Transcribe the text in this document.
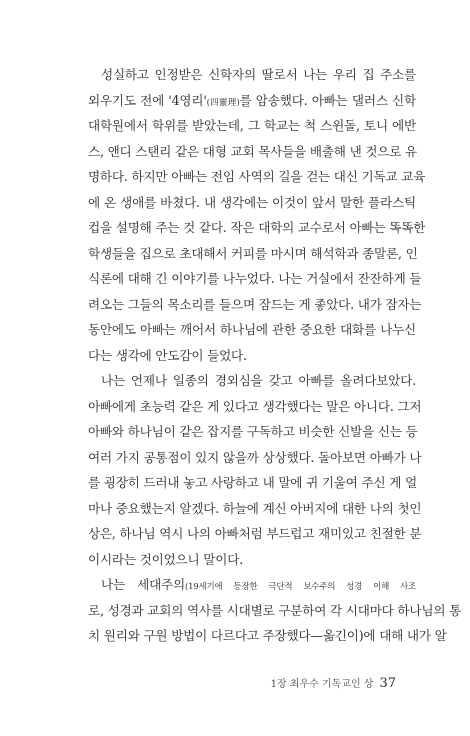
성실하고 인정받은 신학자의 딸로서 나는 우리 집 주소를
외우기도 전에 '4영리'(四靈理)를 암송했다. 아빠는 댈러스 신학
대학원에서 학위를 받았는데, 그 학교는 척 스윈돌, 토니 에반
스, 앤디 스탠리 같은 대형 교회 목사들을 배출해 낸 것으로 유
명하다. 하지만 아빠는 전임 사역의 길을 걷는 대신 기독교 교육
에 온 생애를 바쳤다. 내 생각에는 이것이 앞서 말한 플라스틱
컵을 설명해 주는 것 같다. 작은 대학의 교수로서 아빠는 똑똑한
학생들을 집으로 초대해서 커피를 마시며 해석학과 종말론, 인
식론에 대해 긴 이야기를 나누었다. 나는 거실에서 잔잔하게 들
려오는 그들의 목소리를 들으며 잠드는 게 좋았다. 내가 잠자는
동안에도 아빠는 깨어서 하나님에 관한 중요한 대화를 나누신
다는 생각에 안도감이 들었다.
나는 언제나 일종의 경외심을 갖고 아빠를 올려다보았다.
아빠에게 초능력 같은 게 있다고 생각했다는 말은 아니다. 그저
아빠와 하나님이 같은 잡지를 구독하고 비슷한 신발을 신는 등
여러 가지 공통점이 있지 않을까 상상했다. 돌아보면 아빠가 나
를 굉장히 드러내 놓고 사랑하고 내 말에 귀 기울여 주신 게 얼
마나 중요했는지 알겠다. 하늘에 계신 아버지에 대한 나의 첫인
상은, 하나님 역시 나의 아빠처럼 부드럽고 재미있고 친절한 분
이시라는 것이었으니 말이다.
나는 세대주의(19세기에 등장한 극단적 보수주의 성경 이해 사조
로, 성경과 교회의 역사를 시대별로 구분하여 각 시대마다 하나님의 통
치 원리와 구원 방법이 다르다고 주장했다—옮긴이)에 대해 내가 알
1장 최우수 기독교인 상 37
